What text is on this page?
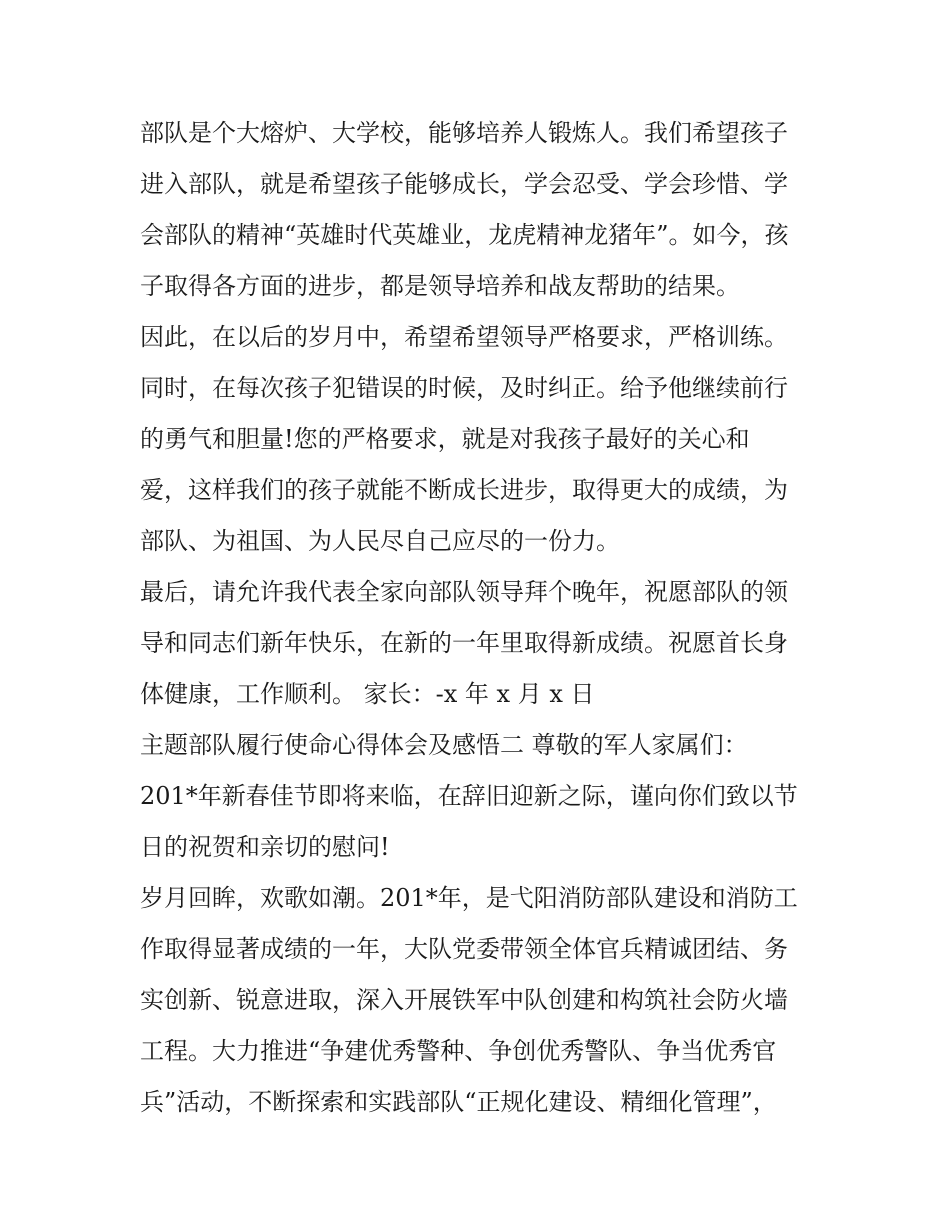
部队是个大熔炉、大学校，能够培养人锻炼人。我们希望孩子
进入部队，就是希望孩子能够成长，学会忍受、学会珍惜、学
会部队的精神“英雄时代英雄业，龙虎精神龙猪年”。如今，孩
子取得各方面的进步，都是领导培养和战友帮助的结果。
因此，在以后的岁月中，希望希望领导严格要求，严格训练。
同时，在每次孩子犯错误的时候，及时纠正。给予他继续前行
的勇气和胆量!您的严格要求，就是对我孩子最好的关心和
爱，这样我们的孩子就能不断成长进步，取得更大的成绩，为
部队、为祖国、为人民尽自己应尽的一份力。
最后，请允许我代表全家向部队领导拜个晚年，祝愿部队的领
导和同志们新年快乐，在新的一年里取得新成绩。祝愿首长身
体健康，工作顺利。 家长：-x 年 x 月 x 日
主题部队履行使命心得体会及感悟二 尊敬的军人家属们：
201*年新春佳节即将来临，在辞旧迎新之际，谨向你们致以节
日的祝贺和亲切的慰问!
岁月回眸，欢歌如潮。201*年，是弋阳消防部队建设和消防工
作取得显著成绩的一年，大队党委带领全体官兵精诚团结、务
实创新、锐意进取，深入开展铁军中队创建和构筑社会防火墙
工程。大力推进“争建优秀警种、争创优秀警队、争当优秀官
兵”活动，不断探索和实践部队“正规化建设、精细化管理”，
